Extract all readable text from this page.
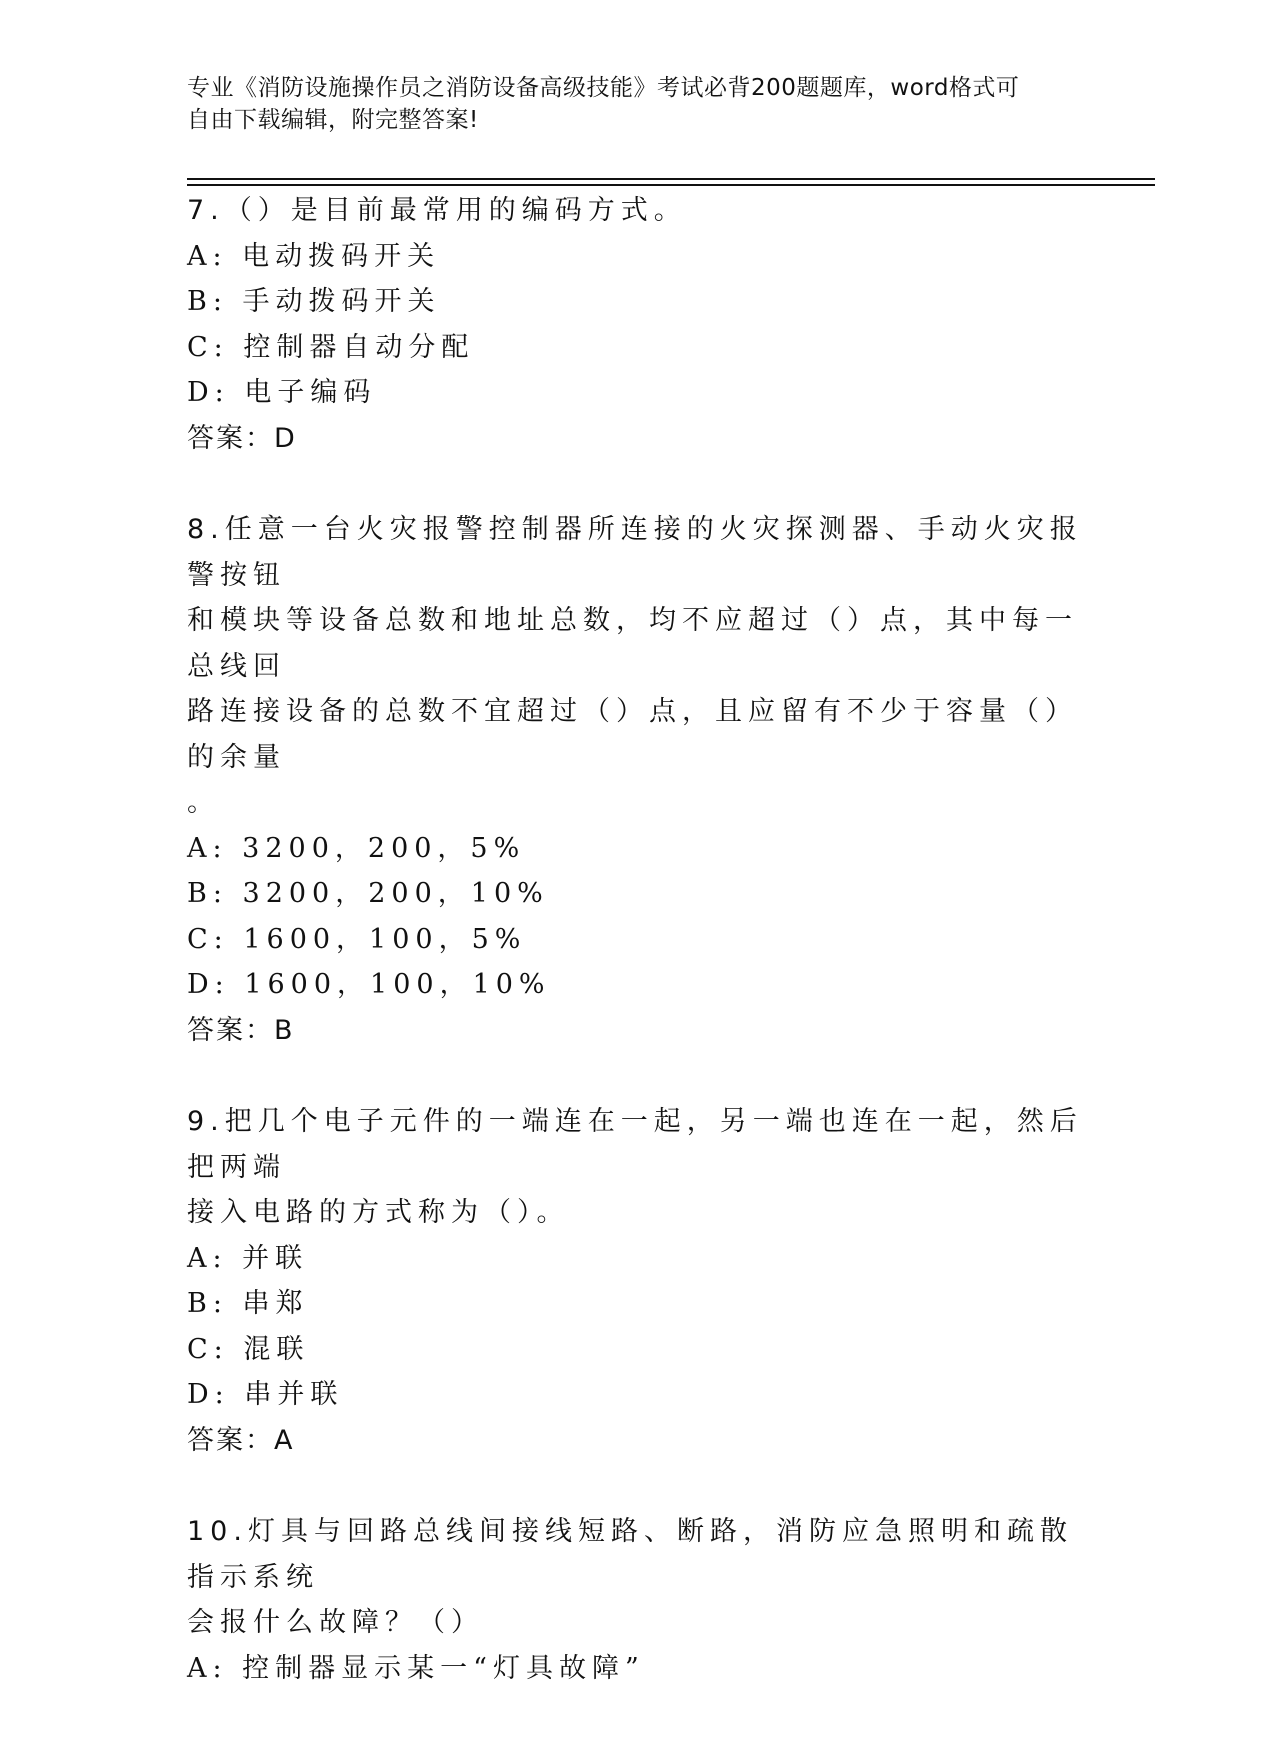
专业《消防设施操作员之消防设备高级技能》考试必背200题题库，word格式可
自由下载编辑，附完整答案!
7.（）是目前最常用的编码方式。
A: 电动拨码开关
B: 手动拨码开关
C: 控制器自动分配
D: 电子编码
答案：D
8.任意一台火灾报警控制器所连接的火灾探测器、手动火灾报警按钮
和模块等设备总数和地址总数，均不应超过（）点，其中每一总线回
路连接设备的总数不宜超过（）点，且应留有不少于容量（）的余量
。
A: 3200，200，5%
B: 3200，200，10%
C: 1600，100，5%
D: 1600，100，10%
答案：B
9.把几个电子元件的一端连在一起，另一端也连在一起，然后把两端
接入电路的方式称为（）。
A: 并联
B: 串郑
C: 混联
D: 串并联
答案：A
10.灯具与回路总线间接线短路、断路，消防应急照明和疏散指示系统
会报什么故障？（）
A: 控制器显示某一“灯具故障”
